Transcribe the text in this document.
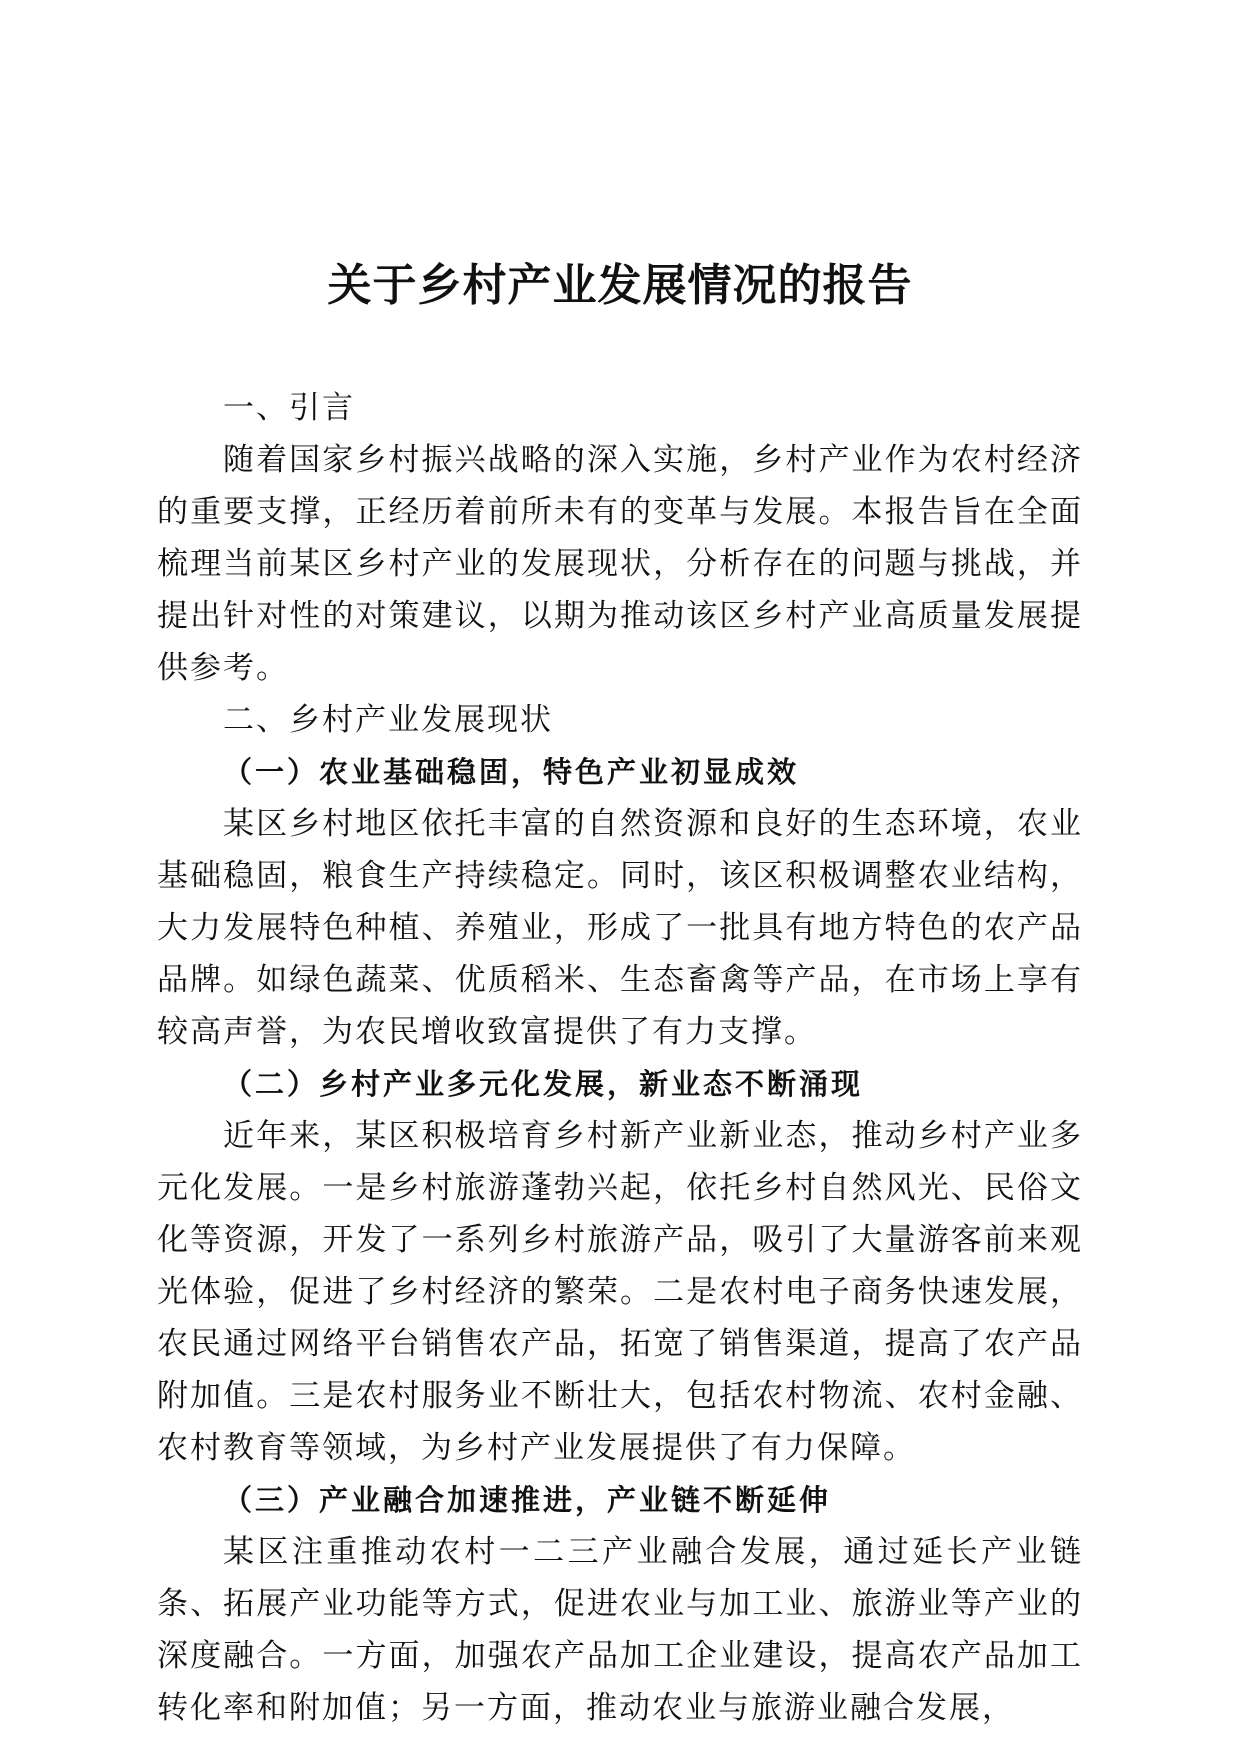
关于乡村产业发展情况的报告
一、引言

随着国家乡村振兴战略的深入实施，乡村产业作为农村经济的重要支撑，正经历着前所未有的变革与发展。本报告旨在全面梳理当前某区乡村产业的发展现状，分析存在的问题与挑战，并提出针对性的对策建议，以期为推动该区乡村产业高质量发展提供参考。

二、乡村产业发展现状
（一）农业基础稳固，特色产业初显成效

某区乡村地区依托丰富的自然资源和良好的生态环境，农业基础稳固，粮食生产持续稳定。同时，该区积极调整农业结构，大力发展特色种植、养殖业，形成了一批具有地方特色的农产品品牌。如绿色蔬菜、优质稻米、生态畜禽等产品，在市场上享有较高声誉，为农民增收致富提供了有力支撑。

（二）乡村产业多元化发展，新业态不断涌现

近年来，某区积极培育乡村新产业新业态，推动乡村产业多元化发展。一是乡村旅游蓬勃兴起，依托乡村自然风光、民俗文化等资源，开发了一系列乡村旅游产品，吸引了大量游客前来观光体验，促进了乡村经济的繁荣。二是农村电子商务快速发展，农民通过网络平台销售农产品，拓宽了销售渠道，提高了农产品附加值。三是农村服务业不断壮大，包括农村物流、农村金融、农村教育等领域，为乡村产业发展提供了有力保障。

（三）产业融合加速推进，产业链不断延伸

某区注重推动农村一二三产业融合发展，通过延长产业链条、拓展产业功能等方式，促进农业与加工业、旅游业等产业的深度融合。一方面，加强农产品加工企业建设，提高农产品加工转化率和附加值；另一方面，推动农业与旅游业融合发展，
